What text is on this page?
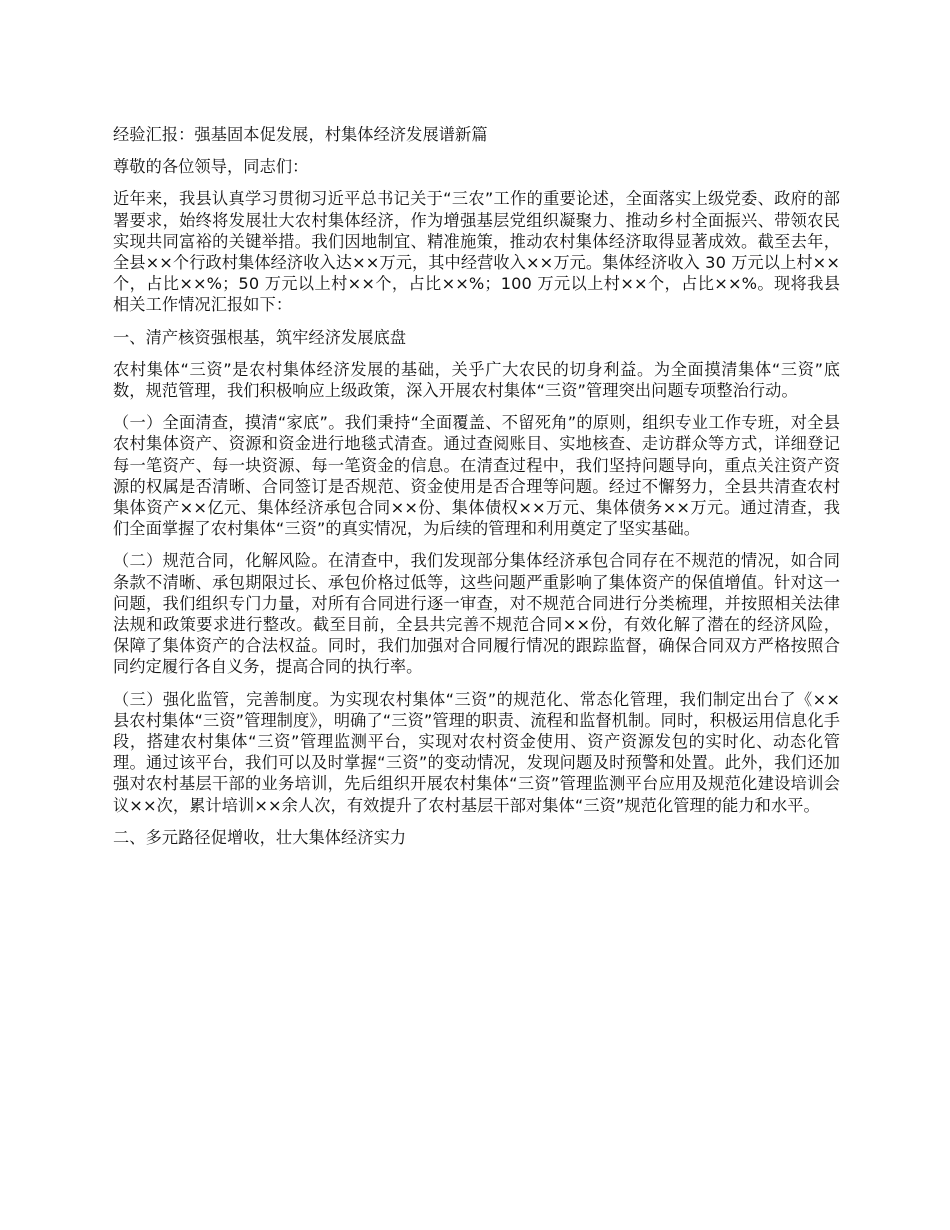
经验汇报：强基固本促发展，村集体经济发展谱新篇

尊敬的各位领导，同志们：

近年来，我县认真学习贯彻习近平总书记关于“三农”工作的重要论述，全面落实上级党委、政府的部署要求，始终将发展壮大农村集体经济，作为增强基层党组织凝聚力、推动乡村全面振兴、带领农民实现共同富裕的关键举措。我们因地制宜、精准施策，推动农村集体经济取得显著成效。截至去年，全县××个行政村集体经济收入达××万元，其中经营收入××万元。集体经济收入 30 万元以上村××个，占比××%；50 万元以上村××个，占比××%；100 万元以上村××个，占比××%。现将我县相关工作情况汇报如下：

一、清产核资强根基，筑牢经济发展底盘

农村集体“三资”是农村集体经济发展的基础，关乎广大农民的切身利益。为全面摸清集体“三资”底数，规范管理，我们积极响应上级政策，深入开展农村集体“三资”管理突出问题专项整治行动。

（一）全面清查，摸清“家底”。我们秉持“全面覆盖、不留死角”的原则，组织专业工作专班，对全县农村集体资产、资源和资金进行地毯式清查。通过查阅账目、实地核查、走访群众等方式，详细登记每一笔资产、每一块资源、每一笔资金的信息。在清查过程中，我们坚持问题导向，重点关注资产资源的权属是否清晰、合同签订是否规范、资金使用是否合理等问题。经过不懈努力，全县共清查农村集体资产××亿元、集体经济承包合同××份、集体债权××万元、集体债务××万元。通过清查，我们全面掌握了农村集体“三资”的真实情况，为后续的管理和利用奠定了坚实基础。

（二）规范合同，化解风险。在清查中，我们发现部分集体经济承包合同存在不规范的情况，如合同条款不清晰、承包期限过长、承包价格过低等，这些问题严重影响了集体资产的保值增值。针对这一问题，我们组织专门力量，对所有合同进行逐一审查，对不规范合同进行分类梳理，并按照相关法律法规和政策要求进行整改。截至目前，全县共完善不规范合同××份，有效化解了潜在的经济风险，保障了集体资产的合法权益。同时，我们加强对合同履行情况的跟踪监督，确保合同双方严格按照合同约定履行各自义务，提高合同的执行率。

（三）强化监管，完善制度。为实现农村集体“三资”的规范化、常态化管理，我们制定出台了《××县农村集体“三资”管理制度》，明确了“三资”管理的职责、流程和监督机制。同时，积极运用信息化手段，搭建农村集体“三资”管理监测平台，实现对农村资金使用、资产资源发包的实时化、动态化管理。通过该平台，我们可以及时掌握“三资”的变动情况，发现问题及时预警和处置。此外，我们还加强对农村基层干部的业务培训，先后组织开展农村集体“三资”管理监测平台应用及规范化建设培训会议××次，累计培训××余人次，有效提升了农村基层干部对集体“三资”规范化管理的能力和水平。

二、多元路径促增收，壮大集体经济实力
